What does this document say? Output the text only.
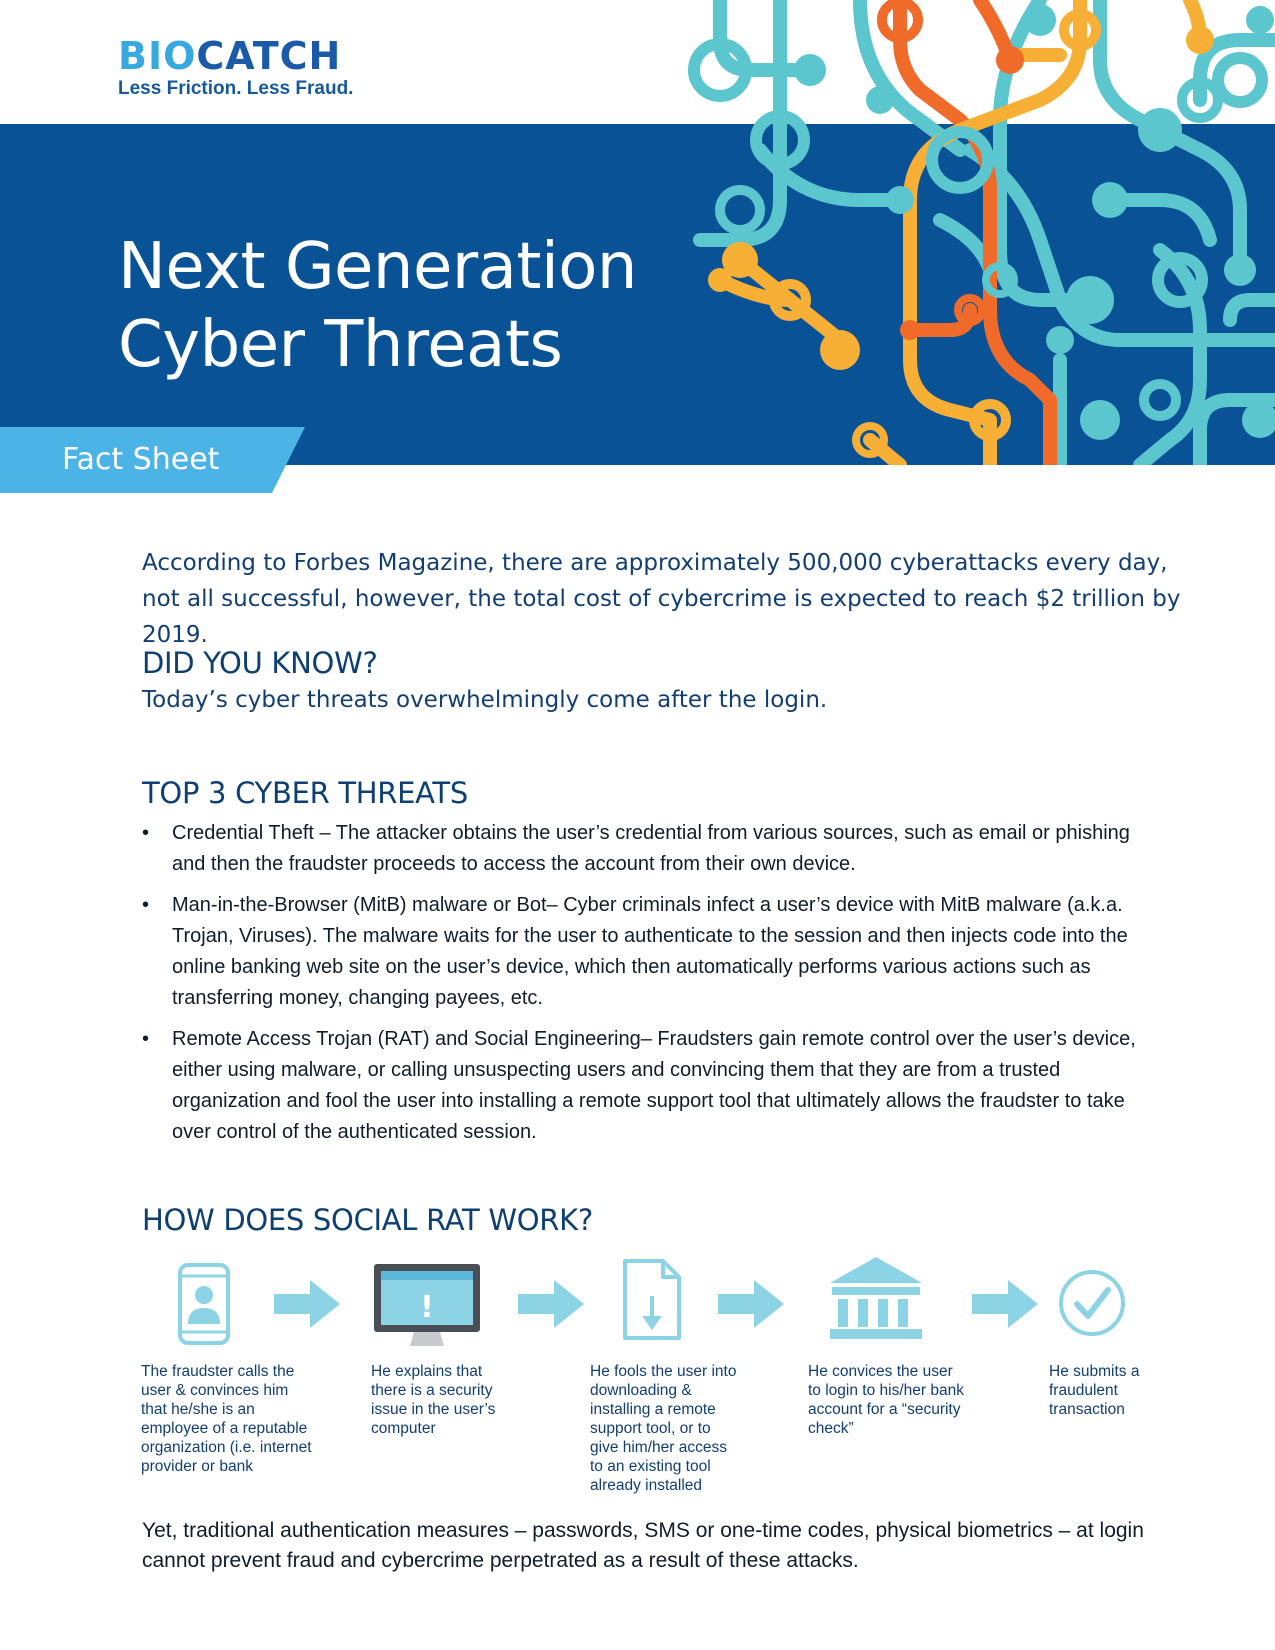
BIOCATCH
Less Friction. Less Fraud.
Next Generation
Cyber Threats
Fact Sheet
According to Forbes Magazine, there are approximately 500,000 cyberattacks every day, not all successful, however, the total cost of cybercrime is expected to reach $2 trillion by 2019.
DID YOU KNOW?
Today’s cyber threats overwhelmingly come after the login.
TOP 3 CYBER THREATS
• Credential Theft – The attacker obtains the user’s credential from various sources, such as email or phishing and then the fraudster proceeds to access the account from their own device.
• Man-in-the-Browser (MitB) malware or Bot– Cyber criminals infect a user’s device with MitB malware (a.k.a. Trojan, Viruses). The malware waits for the user to authenticate to the session and then injects code into the online banking web site on the user’s device, which then automatically performs various actions such as transferring money, changing payees, etc.
• Remote Access Trojan (RAT) and Social Engineering– Fraudsters gain remote control over the user’s device, either using malware, or calling unsuspecting users and convincing them that they are from a trusted organization and fool the user into installing a remote support tool that ultimately allows the fraudster to take over control of the authenticated session.
HOW DOES SOCIAL RAT WORK?
!
The fraudster calls the user & convinces him that he/she is an employee of a reputable organization (i.e. internet provider or bank
He explains that there is a security issue in the user’s computer
He fools the user into downloading & installing a remote support tool, or to give him/her access to an existing tool already installed
He convices the user to login to his/her bank account for a “security check”
He submits a fraudulent transaction
Yet, traditional authentication measures – passwords, SMS or one-time codes, physical biometrics – at login cannot prevent fraud and cybercrime perpetrated as a result of these attacks.
